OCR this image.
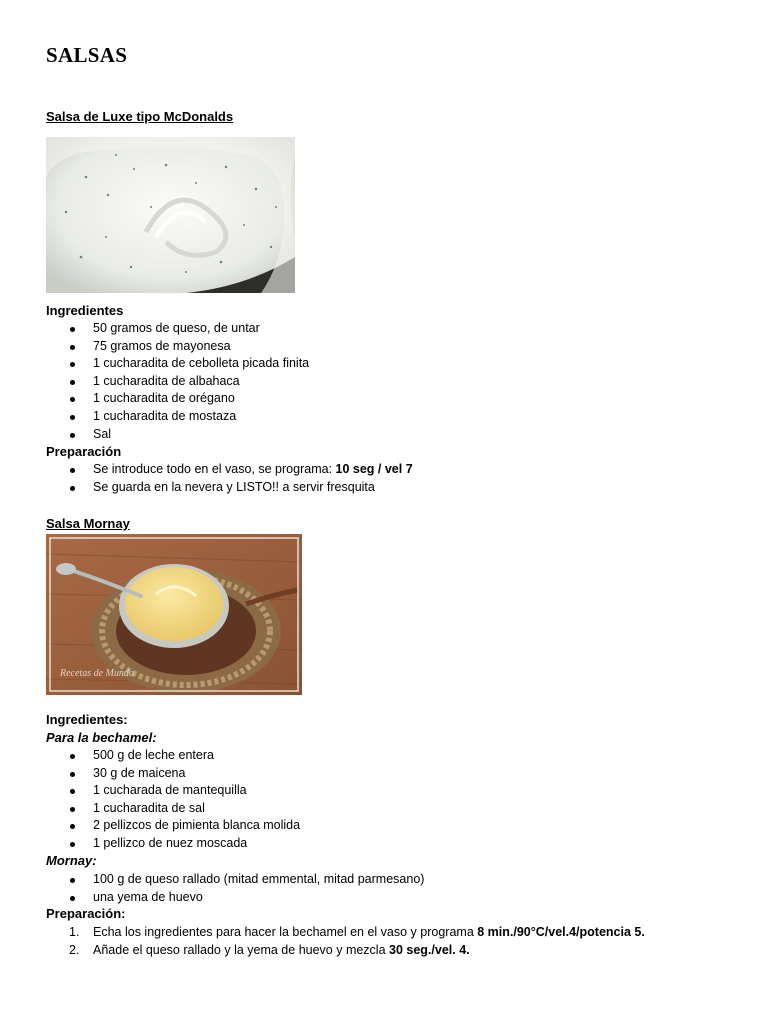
SALSAS
Salsa de Luxe tipo McDonalds

Ingredientes

50 gramos de queso, de untar
75 gramos de mayonesa
1 cucharadita de cebolleta picada finita
1 cucharadita de albahaca
1 cucharadita de orégano
1 cucharadita de mostaza
Sal

Preparación

Se introduce todo en el vaso, se programa: 10 seg / vel 7
Se guarda en la nevera y LISTO!! a servir fresquita
Salsa Mornay
Recetas de Mundo

Ingredientes:

Para la bechamel:

500 g de leche entera
30 g de maicena
1 cucharada de mantequilla
1 cucharadita de sal
2 pellizcos de pimienta blanca molida
1 pellizco de nuez moscada

Mornay:

100 g de queso rallado (mitad emmental, mitad parmesano)
una yema de huevo

Preparación:

1. Echa los ingredientes para hacer la bechamel en el vaso y programa 8 min./90°C/vel.4/potencia 5.
2. Añade el queso rallado y la yema de huevo y mezcla 30 seg./vel. 4.
